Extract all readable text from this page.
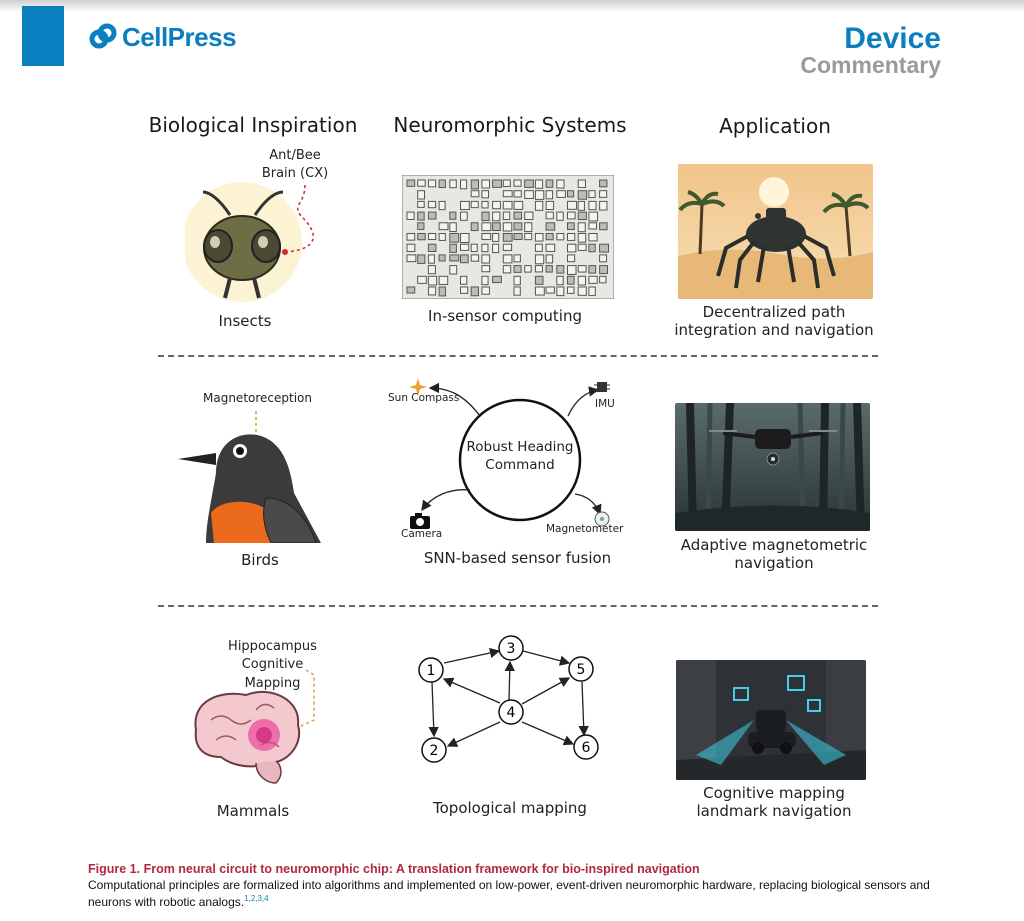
CellPress	Device
Commentary
Biological Inspiration	Neuromorphic Systems	Application
Ant/Bee
Brain (CX)
Insects	In-sensor computing	Decentralized path
integration and navigation
Magnetoreception
Birds
Robust Heading
Command
Sun Compass	IMU
Camera	Magnetometer
SNN-based sensor fusion
Adaptive magnetometric
navigation
Hippocampus
Cognitive
Mapping
Mammals
1
3
5
4
2	6
Topological mapping
Cognitive mapping
landmark navigation
Figure 1. From neural circuit to neuromorphic chip: A translation framework for bio-inspired navigation
Computational principles are formalized into algorithms and implemented on low-power, event-driven neuromorphic hardware, replacing biological sensors and neurons with robotic analogs.$^{1,2,3,4}$
